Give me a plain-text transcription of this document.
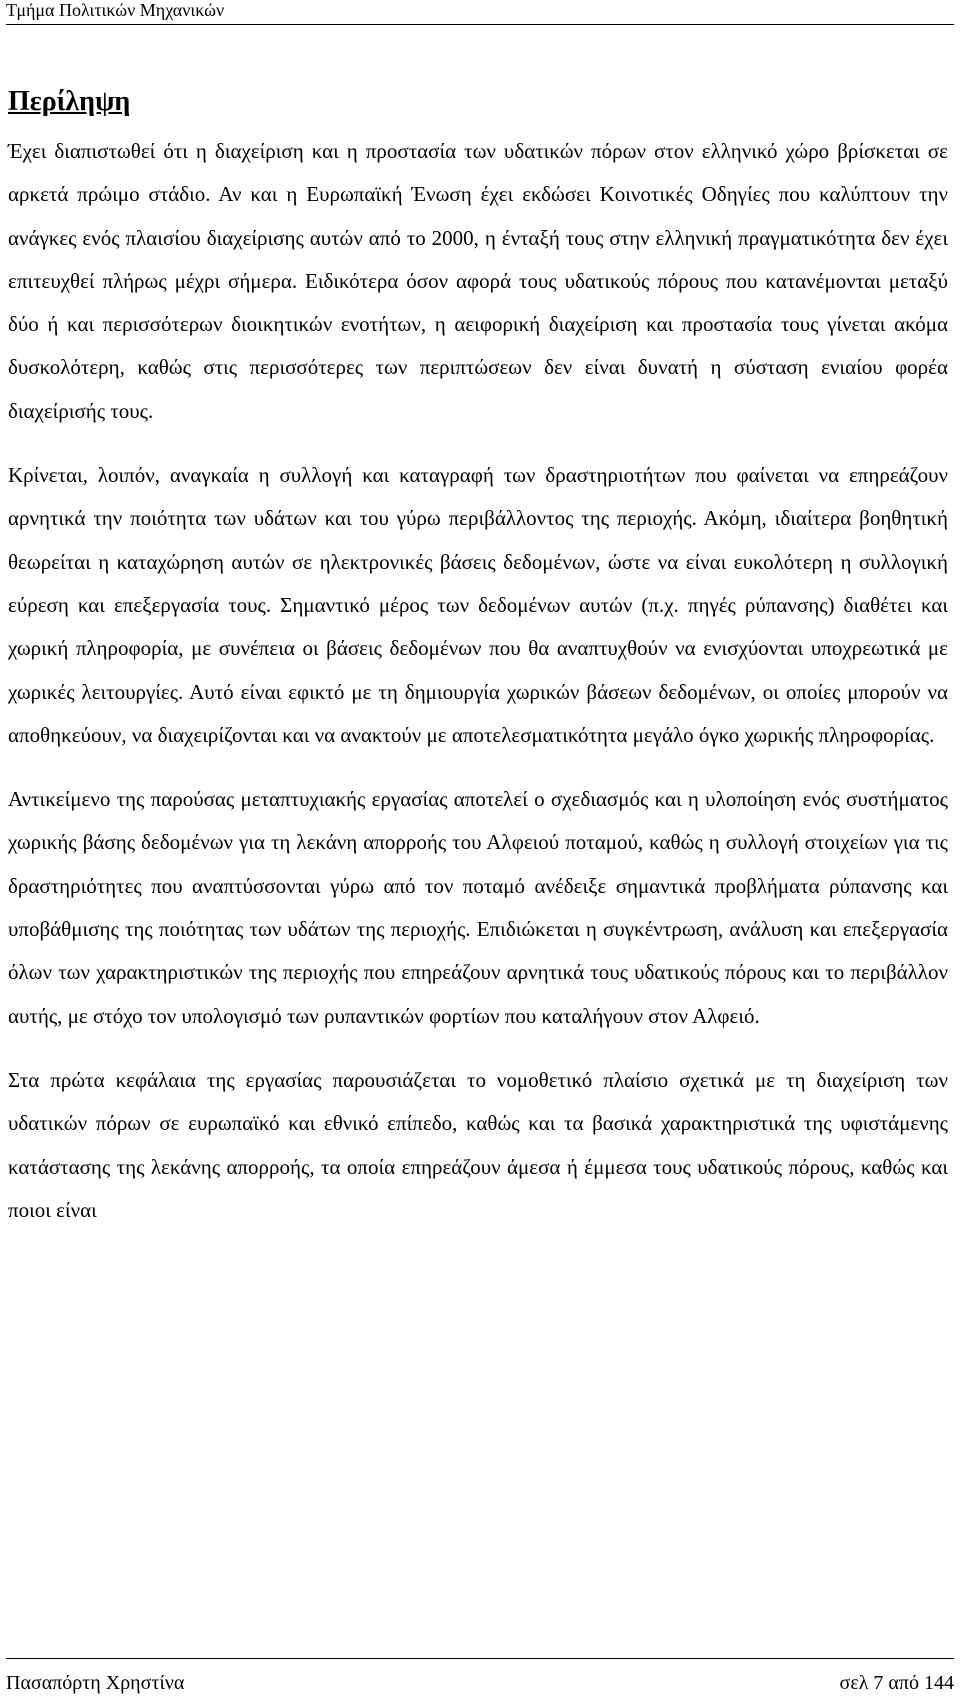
Τμήμα Πολιτικών Μηχανικών
Περίληψη

Έχει διαπιστωθεί ότι η διαχείριση και η προστασία των υδατικών πόρων στον ελληνικό χώρο βρίσκεται σε αρκετά πρώιμο στάδιο. Αν και η Ευρωπαϊκή Ένωση έχει εκδώσει Κοινοτικές Οδηγίες που καλύπτουν την ανάγκες ενός πλαισίου διαχείρισης αυτών από το 2000, η ένταξή τους στην ελληνική πραγματικότητα δεν έχει επιτευχθεί πλήρως μέχρι σήμερα. Ειδικότερα όσον αφορά τους υδατικούς πόρους που κατανέμονται μεταξύ δύο ή και περισσότερων διοικητικών ενοτήτων, η αειφορική διαχείριση και προστασία τους γίνεται ακόμα δυσκολότερη, καθώς στις περισσότερες των περιπτώσεων δεν είναι δυνατή η σύσταση ενιαίου φορέα διαχείρισής τους.

Κρίνεται, λοιπόν, αναγκαία η συλλογή και καταγραφή των δραστηριοτήτων που φαίνεται να επηρεάζουν αρνητικά την ποιότητα των υδάτων και του γύρω περιβάλλοντος της περιοχής. Ακόμη, ιδιαίτερα βοηθητική θεωρείται η καταχώρηση αυτών σε ηλεκτρονικές βάσεις δεδομένων, ώστε να είναι ευκολότερη η συλλογική εύρεση και επεξεργασία τους. Σημαντικό μέρος των δεδομένων αυτών (π.χ. πηγές ρύπανσης) διαθέτει και χωρική πληροφορία, με συνέπεια οι βάσεις δεδομένων που θα αναπτυχθούν να ενισχύονται υποχρεωτικά με χωρικές λειτουργίες. Αυτό είναι εφικτό με τη δημιουργία χωρικών βάσεων δεδομένων, οι οποίες μπορούν να αποθηκεύουν, να διαχειρίζονται και να ανακτούν με αποτελεσματικότητα μεγάλο όγκο χωρικής πληροφορίας.

Αντικείμενο της παρούσας μεταπτυχιακής εργασίας αποτελεί ο σχεδιασμός και η υλοποίηση ενός συστήματος χωρικής βάσης δεδομένων για τη λεκάνη απορροής του Αλφειού ποταμού, καθώς η συλλογή στοιχείων για τις δραστηριότητες που αναπτύσσονται γύρω από τον ποταμό ανέδειξε σημαντικά προβλήματα ρύπανσης και υποβάθμισης της ποιότητας των υδάτων της περιοχής. Επιδιώκεται η συγκέντρωση, ανάλυση και επεξεργασία όλων των χαρακτηριστικών της περιοχής που επηρεάζουν αρνητικά τους υδατικούς πόρους και το περιβάλλον αυτής, με στόχο τον υπολογισμό των ρυπαντικών φορτίων που καταλήγουν στον Αλφειό.

Στα πρώτα κεφάλαια της εργασίας παρουσιάζεται το νομοθετικό πλαίσιο σχετικά με τη διαχείριση των υδατικών πόρων σε ευρωπαϊκό και εθνικό επίπεδο, καθώς και τα βασικά χαρακτηριστικά της υφιστάμενης κατάστασης της λεκάνης απορροής, τα οποία επηρεάζουν άμεσα ή έμμεσα τους υδατικούς πόρους, καθώς και ποιοι είναι

Πασαπόρτη Χρηστίνα	σελ 7 από 144
